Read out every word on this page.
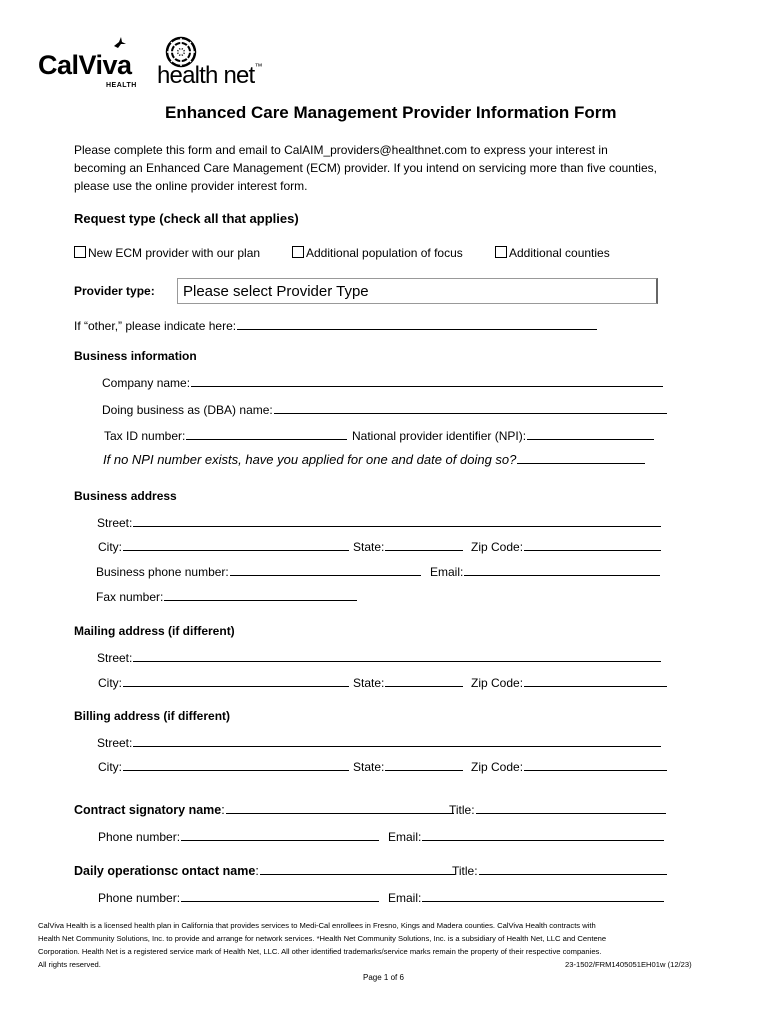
CalViva
HEALTH health net™
Enhanced Care Management Provider Information Form
Please complete this form and email to CalAIM_providers@healthnet.com to express your interest in
becoming an Enhanced Care Management (ECM) provider. If you intend on servicing more than five counties,
please use the online provider interest form.
Request type (check all that applies)
New ECM provider with our plan	Additional population of focus	Additional counties
Provider type: Please select Provider Type
If “other,” please indicate here:
Business information
Company name:
Doing business as (DBA) name:
Tax ID number:	National provider identifier (NPI):
If no NPI number exists, have you applied for one and date of doing so?
Business address
Street:
City:	State:	Zip Code:
Business phone number:	Email:
Fax number:
Mailing address (if different)
Street:
City:	State:	Zip Code:
Billing address (if different)
Street:
City:	State:	Zip Code:
Contract signatory name:	Title:
Phone number:	Email:
Daily operationsc ontact name:	Title:
Phone number:	Email:
CalViva Health is a licensed health plan in California that provides services to Medi-Cal enrollees in Fresno, Kings and Madera counties. CalViva Health contracts with
Health Net Community Solutions, Inc. to provide and arrange for network services. *Health Net Community Solutions, Inc. is a subsidiary of Health Net, LLC and Centene
Corporation. Health Net is a registered service mark of Health Net, LLC. All other identified trademarks/service marks remain the property of their respective companies.
All rights reserved.	23-1502/FRM1405051EH01w (12/23)
Page 1 of 6
